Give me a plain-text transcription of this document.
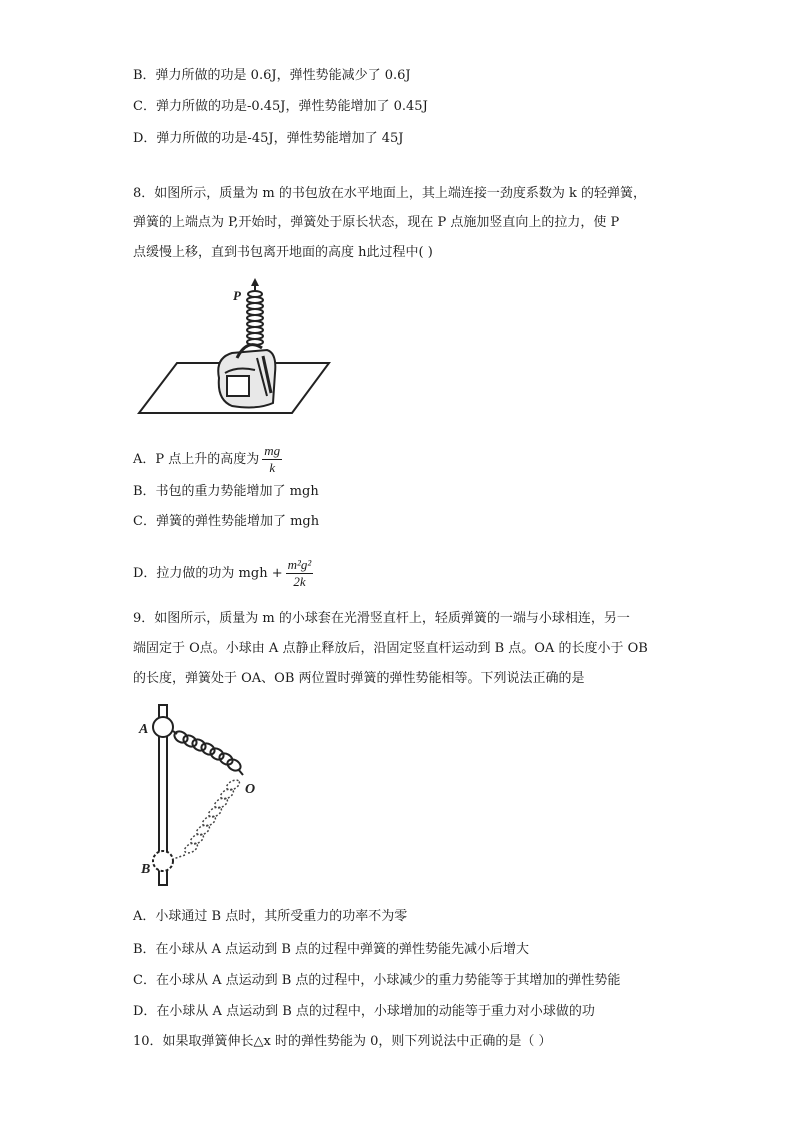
B．弹力所做的功是 0.6J，弹性势能减少了 0.6J
C．弹力所做的功是-0.45J，弹性势能增加了 0.45J
D．弹力所做的功是-45J，弹性势能增加了 45J
8．如图所示，质量为 m 的书包放在水平地面上，其上端连接一劲度系数为 k 的轻弹簧，
弹簧的上端点为 P,开始时，弹簧处于原长状态，现在 P 点施加竖直向上的拉力，使 P
点缓慢上移，直到书包离开地面的高度 h此过程中( )
P
A．P 点上升的高度为 $\frac{mg}{k}$
B．书包的重力势能增加了 mgh
C．弹簧的弹性势能增加了 mgh
D．拉力做的功为 mgh + $\frac{\text{m²g²}}{2k}$
9．如图所示，质量为 m 的小球套在光滑竖直杆上，轻质弹簧的一端与小球相连，另一
端固定于 O点。小球由 A 点静止释放后，沿固定竖直杆运动到 B 点。OA 的长度小于 OB
的长度，弹簧处于 OA、OB 两位置时弹簧的弹性势能相等。下列说法正确的是
A
B
O
A．小球通过 B 点时，其所受重力的功率不为零
B．在小球从 A 点运动到 B 点的过程中弹簧的弹性势能先减小后增大
C．在小球从 A 点运动到 B 点的过程中，小球减少的重力势能等于其增加的弹性势能
D．在小球从 A 点运动到 B 点的过程中，小球增加的动能等于重力对小球做的功
10．如果取弹簧伸长△x 时的弹性势能为 0，则下列说法中正确的是（ ）
